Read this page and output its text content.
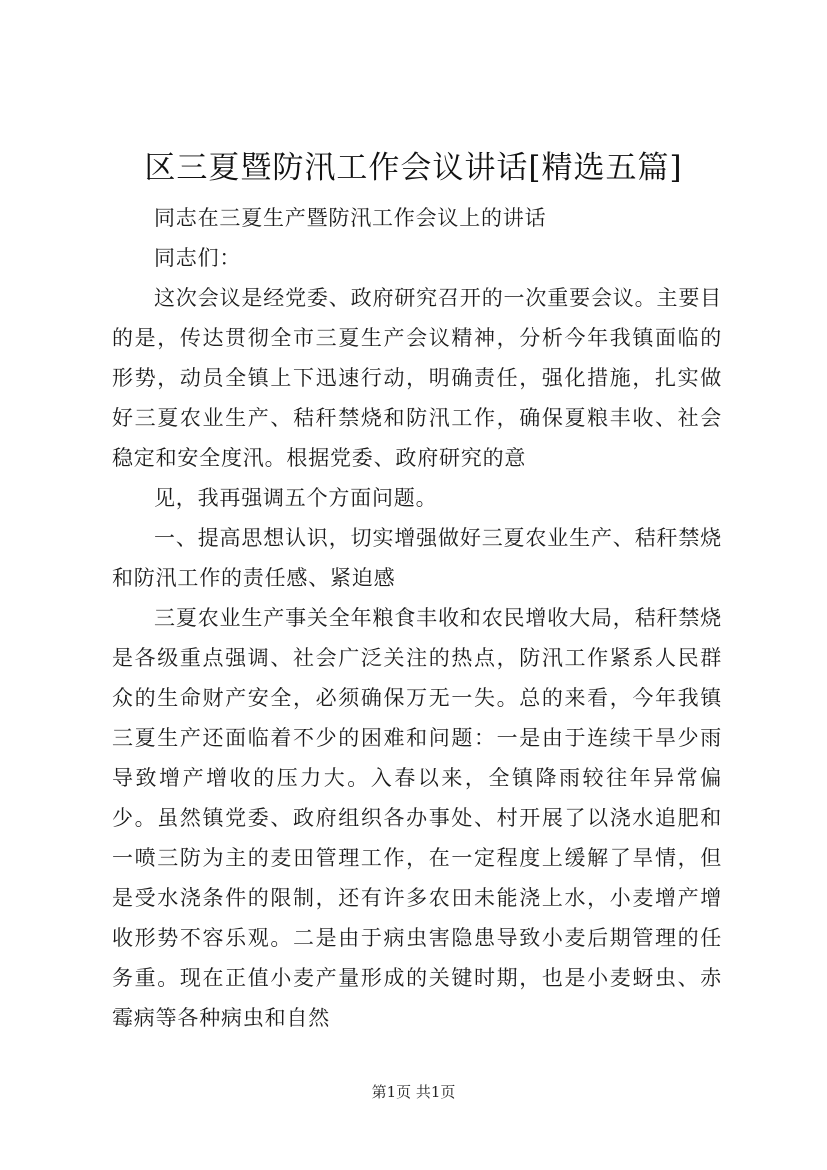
区三夏暨防汛工作会议讲话[精选五篇]

同志在三夏生产暨防汛工作会议上的讲话

同志们：

这次会议是经党委、政府研究召开的一次重要会议。主要目的是，传达贯彻全市三夏生产会议精神，分析今年我镇面临的形势，动员全镇上下迅速行动，明确责任，强化措施，扎实做好三夏农业生产、秸秆禁烧和防汛工作，确保夏粮丰收、社会稳定和安全度汛。根据党委、政府研究的意

见，我再强调五个方面问题。

一、提高思想认识，切实增强做好三夏农业生产、秸秆禁烧和防汛工作的责任感、紧迫感

三夏农业生产事关全年粮食丰收和农民增收大局，秸秆禁烧是各级重点强调、社会广泛关注的热点，防汛工作紧系人民群众的生命财产安全，必须确保万无一失。总的来看，今年我镇三夏生产还面临着不少的困难和问题：一是由于连续干旱少雨导致增产增收的压力大。入春以来，全镇降雨较往年异常偏少。虽然镇党委、政府组织各办事处、村开展了以浇水追肥和一喷三防为主的麦田管理工作，在一定程度上缓解了旱情，但是受水浇条件的限制，还有许多农田未能浇上水，小麦增产增收形势不容乐观。二是由于病虫害隐患导致小麦后期管理的任务重。现在正值小麦产量形成的关键时期，也是小麦蚜虫、赤霉病等各种病虫和自然

第1页 共1页
